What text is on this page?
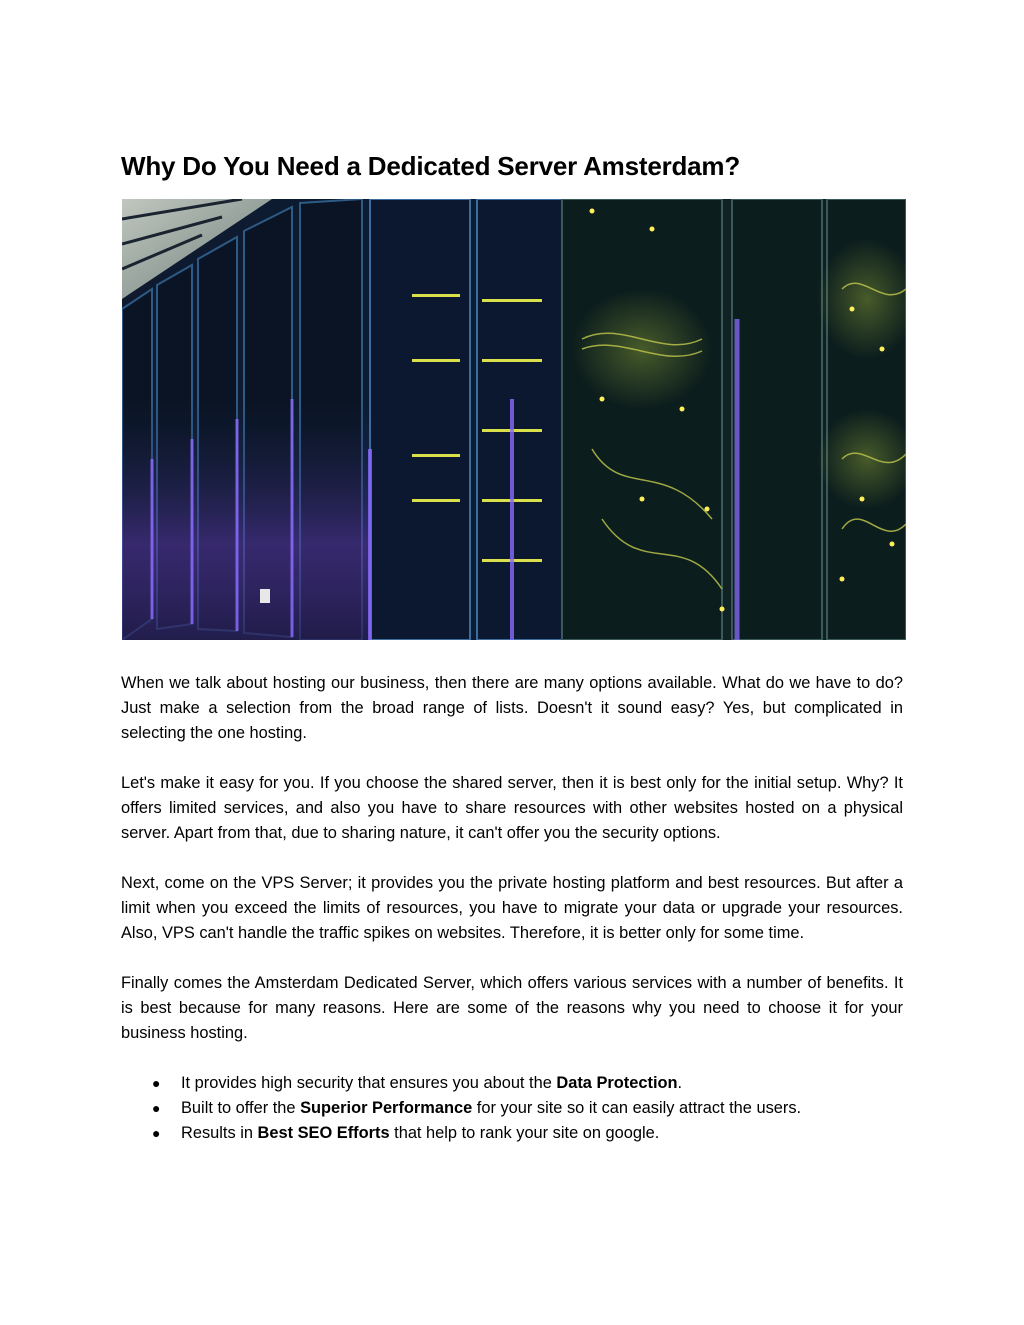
Why Do You Need a Dedicated Server Amsterdam?

When we talk about hosting our business, then there are many options available. What do we have to do? Just make a selection from the broad range of lists. Doesn't it sound easy? Yes, but complicated in selecting the one hosting.

Let's make it easy for you. If you choose the shared server, then it is best only for the initial setup. Why? It offers limited services, and also you have to share resources with other websites hosted on a physical server. Apart from that, due to sharing nature, it can't offer you the security options.

Next, come on the VPS Server; it provides you the private hosting platform and best resources. But after a limit when you exceed the limits of resources, you have to migrate your data or upgrade your resources. Also, VPS can't handle the traffic spikes on websites. Therefore, it is better only for some time.

Finally comes the Amsterdam Dedicated Server, which offers various services with a number of benefits. It is best because for many reasons. Here are some of the reasons why you need to choose it for your business hosting.

● It provides high security that ensures you about the Data Protection.
● Built to offer the Superior Performance for your site so it can easily attract the users.
● Results in Best SEO Efforts that help to rank your site on google.
